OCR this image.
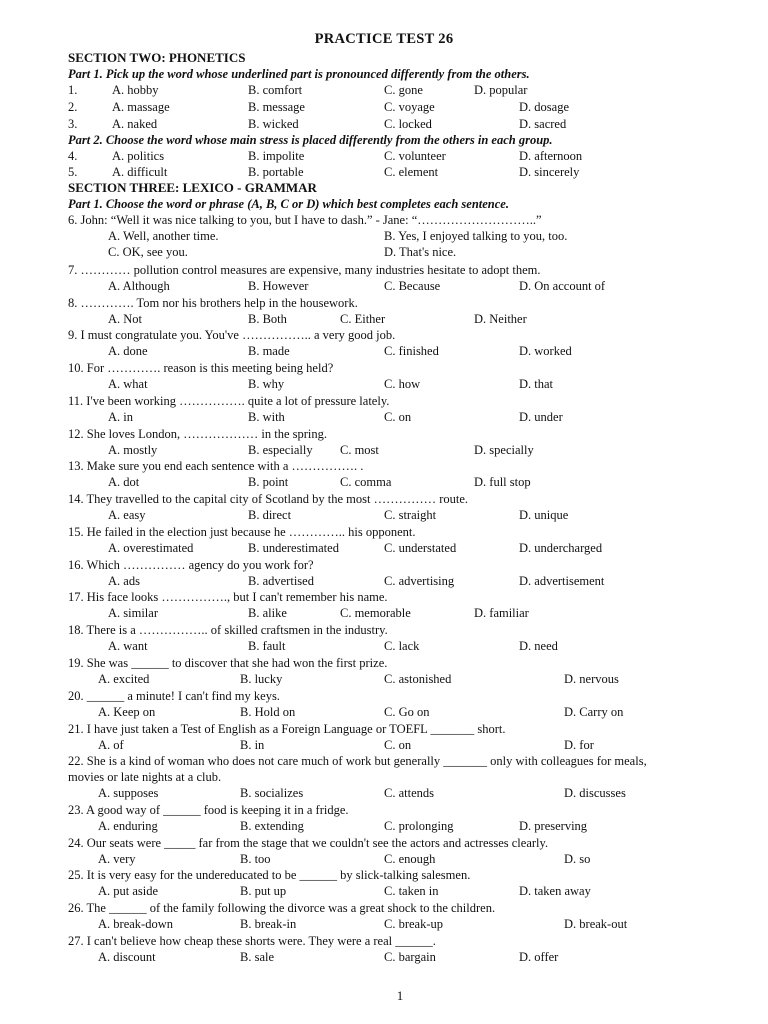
PRACTICE TEST 26
SECTION TWO: PHONETICS
Part 1. Pick up the word whose underlined part is pronounced differently from the others.
1.	A. hobby	B. comfort	C. gone	D. popular
2.	A. massage	B. message	C. voyage	D. dosage
3.	A. naked	B. wicked	C. locked	D. sacred
Part 2. Choose the word whose main stress is placed differently from the others in each group.
4.	A. politics	B. impolite	C. volunteer	D. afternoon
5.	A. difficult	B. portable	C. element	D. sincerely
SECTION THREE: LEXICO - GRAMMAR
Part 1. Choose the word or phrase (A, B, C or D) which best completes each sentence.
6. John: “Well it was nice talking to you, but I have to dash.” - Jane: “………………………..”
A. Well, another time.	B. Yes, I enjoyed talking to you, too.
C. OK, see you.	D. That's nice.
7. ………… pollution control measures are expensive, many industries hesitate to adopt them.
A. Although	B. However	C. Because	D. On account of
8. …………. Tom nor his brothers help in the housework.
A. Not	B. Both	C. Either	D. Neither
9. I must congratulate you. You've …………….. a very good job.
A. done	B. made	C. finished	D. worked
10. For …………. reason is this meeting being held?
A. what	B. why	C. how	D. that
11. I've been working ……………. quite a lot of pressure lately.
A. in	B. with	C. on	D. under
12. She loves London, ……………… in the spring.
A. mostly	B. especially C. most	D. specially
13. Make sure you end each sentence with a ……………. .
A. dot	B. point	C. comma	D. full stop
14. They travelled to the capital city of Scotland by the most …………… route.
A. easy	B. direct	C. straight	D. unique
15. He failed in the election just because he ………….. his opponent.
A. overestimated	B. underestimated	C. understated	D. undercharged
16. Which …………… agency do you work for?
A. ads	B. advertised	C. advertising	D. advertisement
17. His face looks ……………., but I can't remember his name.
A. similar	B. alike	C. memorable	D. familiar
18. There is a …………….. of skilled craftsmen in the industry.
A. want	B. fault	C. lack	D. need
19. She was ______ to discover that she had won the first prize.
A. excited	B. lucky	C. astonished	D. nervous
20. ______ a minute! I can't find my keys.
A. Keep on	B. Hold on	C. Go on	D. Carry on
21. I have just taken a Test of English as a Foreign Language or TOEFL _______ short.
A. of	B. in	C. on	D. for
22. She is a kind of woman who does not care much of work but generally _______ only with colleagues for meals,
movies or late nights at a club.
A. supposes	B. socializes	C. attends	D. discusses
23. A good way of ______ food is keeping it in a fridge.
A. enduring	B. extending	C. prolonging	D. preserving
24. Our seats were _____ far from the stage that we couldn't see the actors and actresses clearly.
A. very	B. too	C. enough	D. so
25. It is very easy for the undereducated to be ______ by slick-talking salesmen.
A. put aside	B. put up	C. taken in	D. taken away
26. The ______ of the family following the divorce was a great shock to the children.
A. break-down	B. break-in	C. break-up	D. break-out
27. I can't believe how cheap these shorts were. They were a real ______.
A. discount	B. sale	C. bargain	D. offer
1
